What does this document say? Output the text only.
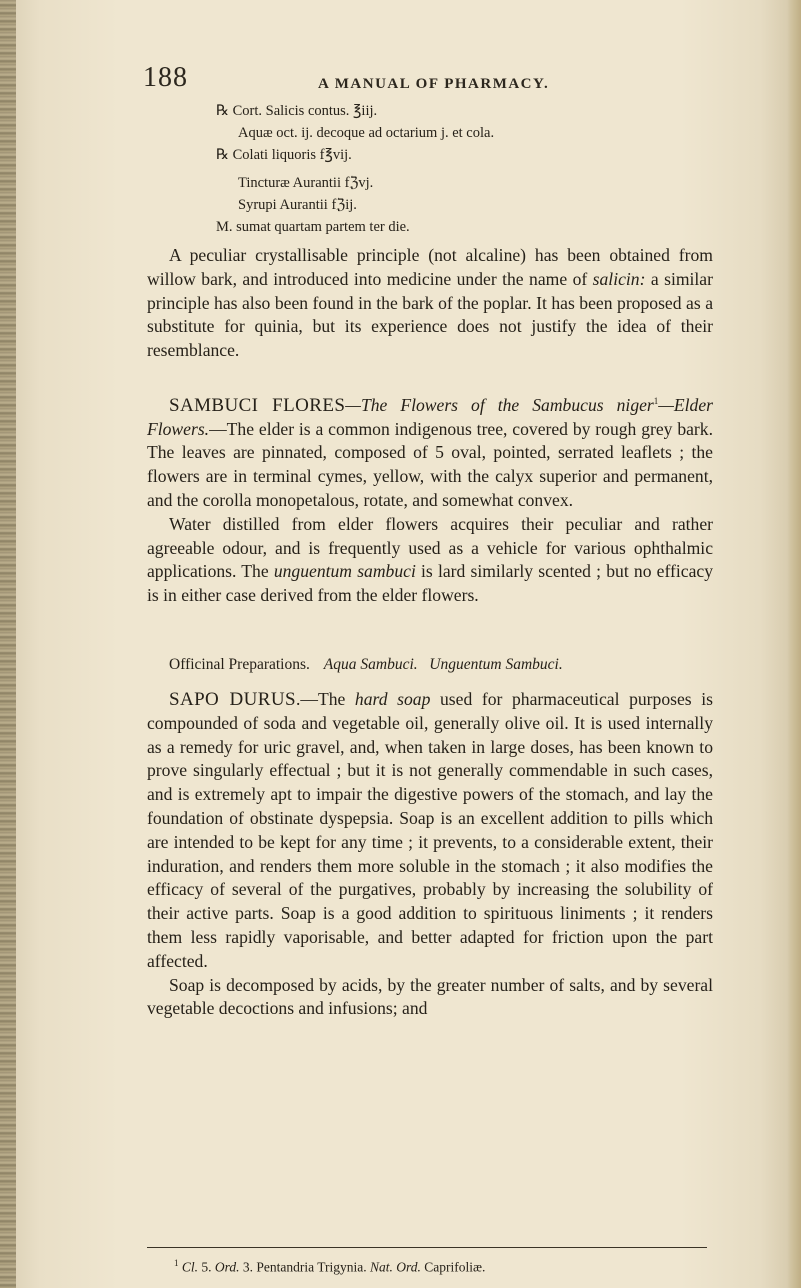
188	A MANUAL OF PHARMACY.
℞ Cort. Salicis contus. ℥iij.
Aquæ oct. ij. decoque ad octarium j. et cola.
℞ Colati liquoris f℥vij.
Tincturæ Aurantii fℨvj.
Syrupi Aurantii fℨij.
M. sumat quartam partem ter die.

A peculiar crystallisable principle (not alcaline) has been obtained from willow bark, and introduced into medicine under the name of salicin: a similar principle has also been found in the bark of the poplar. It has been proposed as a substitute for quinia, but its experience does not justify the idea of their resemblance.

SAMBUCI FLORES—The Flowers of the Sambucus niger$^1$—Elder Flowers.—The elder is a common indigenous tree, covered by rough grey bark. The leaves are pinnated, composed of 5 oval, pointed, serrated leaflets ; the flowers are in terminal cymes, yellow, with the calyx superior and permanent, and the corolla monopetalous, rotate, and somewhat convex.

Water distilled from elder flowers acquires their peculiar and rather agreeable odour, and is frequently used as a vehicle for various ophthalmic applications. The unguentum sambuci is lard similarly scented ; but no efficacy is in either case derived from the elder flowers.

Officinal Preparations. Aqua Sambuci.   Unguentum Sambuci.

SAPO DURUS.—The hard soap used for pharmaceutical purposes is compounded of soda and vegetable oil, generally olive oil. It is used internally as a remedy for uric gravel, and, when taken in large doses, has been known to prove singularly effectual ; but it is not generally commendable in such cases, and is extremely apt to impair the digestive powers of the stomach, and lay the foundation of obstinate dyspepsia. Soap is an excellent addition to pills which are intended to be kept for any time ; it prevents, to a considerable extent, their induration, and renders them more soluble in the stomach ; it also modifies the efficacy of several of the purgatives, probably by increasing the solubility of their active parts. Soap is a good addition to spirituous liniments ; it renders them less rapidly vaporisable, and better adapted for friction upon the part affected.

Soap is decomposed by acids, by the greater number of salts, and by several vegetable decoctions and infusions; and

$^1$ Cl. 5. Ord. 3. Pentandria Trigynia. Nat. Ord. Caprifoliæ.
